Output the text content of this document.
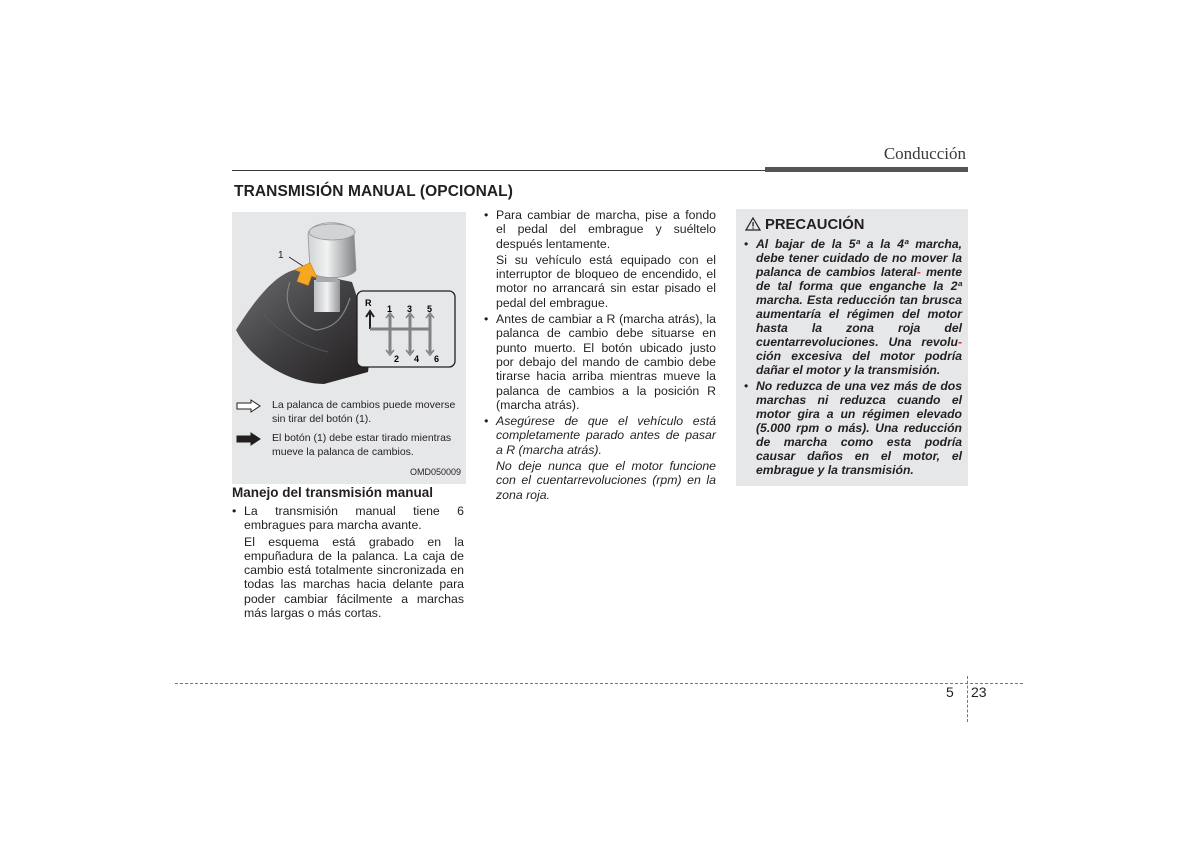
Conducción
TRANSMISIÓN MANUAL (OPCIONAL)
1
R
1 3 5
2 4 6
La palanca de cambios puede moverse sin tirar del botón (1).
El botón (1) debe estar tirado mientras mueve la palanca de cambios.
OMD050009
Manejo del transmisión manual
• La transmisión manual tiene 6 embragues para marcha avante.
El esquema está grabado en la empuñadura de la palanca. La caja de cambio está totalmente sincronizada en todas las marchas hacia delante para poder cambiar fácilmente a marchas más largas o más cortas.
• Para cambiar de marcha, pise a fondo el pedal del embrague y suéltelo después lentamente.
Si su vehículo está equipado con el interruptor de bloqueo de encendido, el motor no arrancará sin estar pisado el pedal del embrague.
• Antes de cambiar a R (marcha atrás), la palanca de cambio debe situarse en punto muerto. El botón ubicado justo por debajo del mando de cambio debe tirarse hacia arriba mientras mueve la palanca de cambios a la posición R (marcha atrás).
• Asegúrese de que el vehículo está completamente parado antes de pasar a R (marcha atrás).
No deje nunca que el motor funcione con el cuentarrevoluciones (rpm) en la zona roja.
PRECAUCIÓN
• Al bajar de la 5ª a la 4ª marcha, debe tener cuidado de no mover la palanca de cambios lateral- mente de tal forma que enganche la 2ª marcha. Esta reducción tan brusca aumentaría el régimen del motor hasta la zona roja del cuentarrevoluciones. Una revolu- ción excesiva del motor podría dañar el motor y la transmisión.
• No reduzca de una vez más de dos marchas ni reduzca cuando el motor gira a un régimen elevado (5.000 rpm o más). Una reducción de marcha como esta podría causar daños en el motor, el embrague y la transmisión.
5 23
